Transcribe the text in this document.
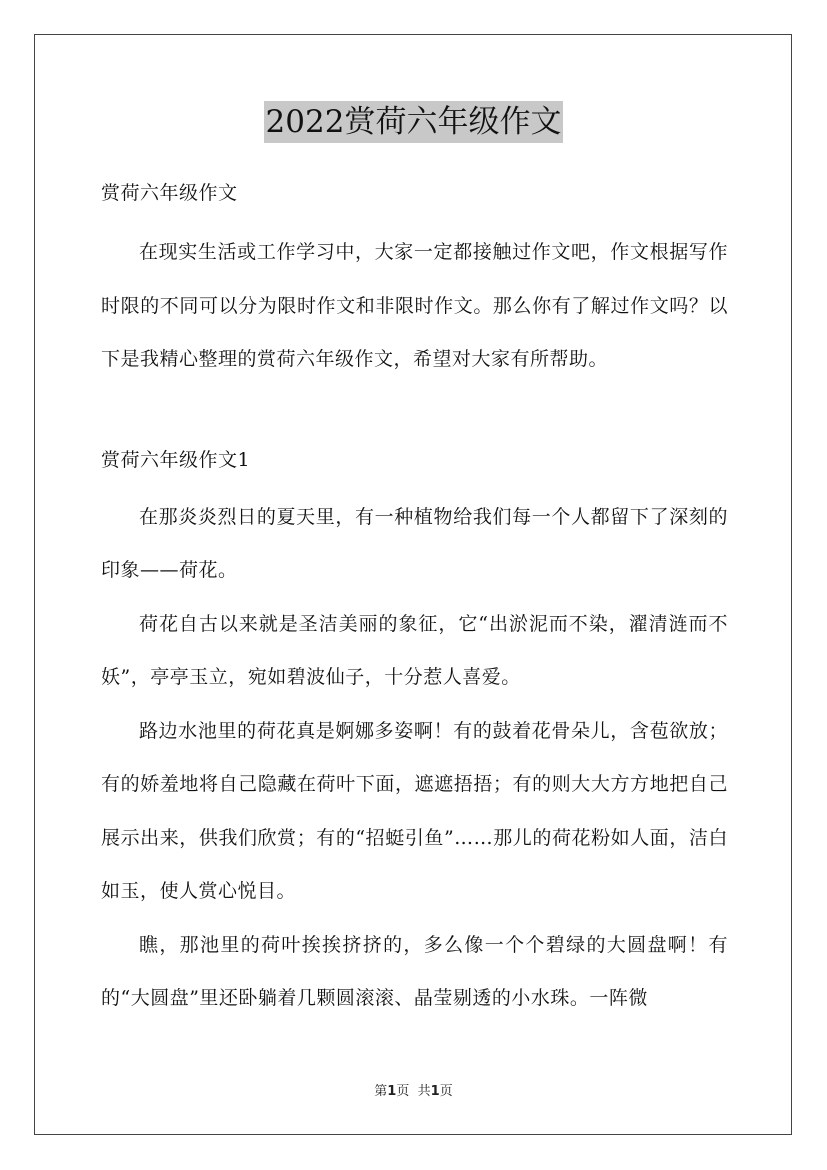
2022赏荷六年级作文

赏荷六年级作文

在现实生活或工作学习中，大家一定都接触过作文吧，作文根据写作时限的不同可以分为限时作文和非限时作文。那么你有了解过作文吗？以下是我精心整理的赏荷六年级作文，希望对大家有所帮助。

赏荷六年级作文1

在那炎炎烈日的夏天里，有一种植物给我们每一个人都留下了深刻的印象——荷花。

荷花自古以来就是圣洁美丽的象征，它“出淤泥而不染，濯清涟而不妖”，亭亭玉立，宛如碧波仙子，十分惹人喜爱。

路边水池里的荷花真是婀娜多姿啊！有的鼓着花骨朵儿，含苞欲放；有的娇羞地将自己隐藏在荷叶下面，遮遮捂捂；有的则大大方方地把自己展示出来，供我们欣赏；有的“招蜓引鱼”……那儿的荷花粉如人面，洁白如玉，使人赏心悦目。

瞧，那池里的荷叶挨挨挤挤的，多么像一个个碧绿的大圆盘啊！有的“大圆盘”里还卧躺着几颗圆滚滚、晶莹剔透的小水珠。一阵微

第1页 共1页
